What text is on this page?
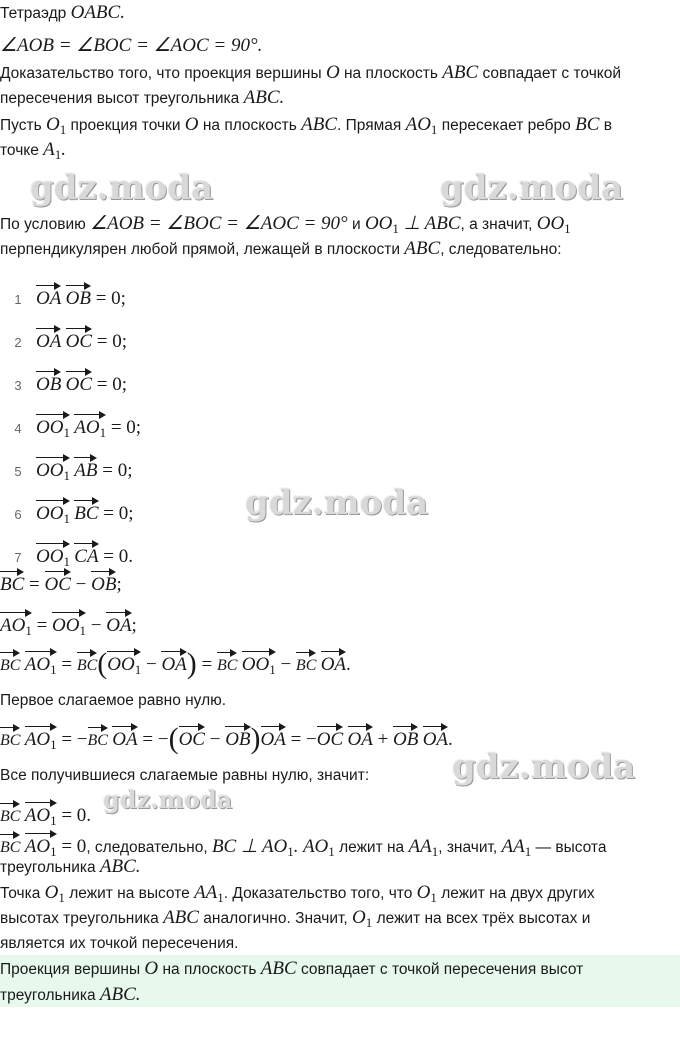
Тетраэдр OABC.
∠AOB = ∠BOC = ∠AOC = 90°.
Доказательство того, что проекция вершины O на плоскость ABC совпадает с точкой
пересечения высот треугольника ABC.
Пусть $O_1$ проекция точки O на плоскость ABC. Прямая $AO_1$ пересекает ребро BC в
точке $A_1$.
gdz.moda	gdz.moda
По условию ∠AOB = ∠BOC = ∠AOC = 90° и $OO_1$ ⊥ ABC, а значит, $OO_1$
перпендикулярен любой прямой, лежащей в плоскости ABC, следовательно:
1 OA OB = 0;
2 OA OC = 0;
3 OB OC = 0;
4 $OO_1$ $AO_1 = 0$;
5 $OO_1$ AB = 0;
6 $OO_1$ BC = 0;	gdz.moda
7 $OO_1$ CA = 0.
BC = OC − OB;
$AO_1 = OO_1$ − OA;
BC $AO_1 = BC(OO_1 - OA)$ = BC $OO_1$ − BC OA.
Первое слагаемое равно нулю.
BC $AO_1 = -BC$ OA = −(OC − OB)OA = −OC OA + OB OA.
Все получившиеся слагаемые равны нулю, значит: gdz.moda
BC $AO_1 = 0$.
gdz.moda
BC $AO_1 = 0$, следовательно, BC ⊥ $AO_1$. $AO_1$ лежит на $AA_1$, значит, $AA_1$ — высота
треугольника ABC.
Точка $O_1$ лежит на высоте $AA_1$. Доказательство того, что $O_1$ лежит на двух других
высотах треугольника ABC аналогично. Значит, $O_1$ лежит на всех трёх высотах и
является их точкой пересечения.
Проекция вершины O на плоскость ABC совпадает с точкой пересечения высот
треугольника ABC.
